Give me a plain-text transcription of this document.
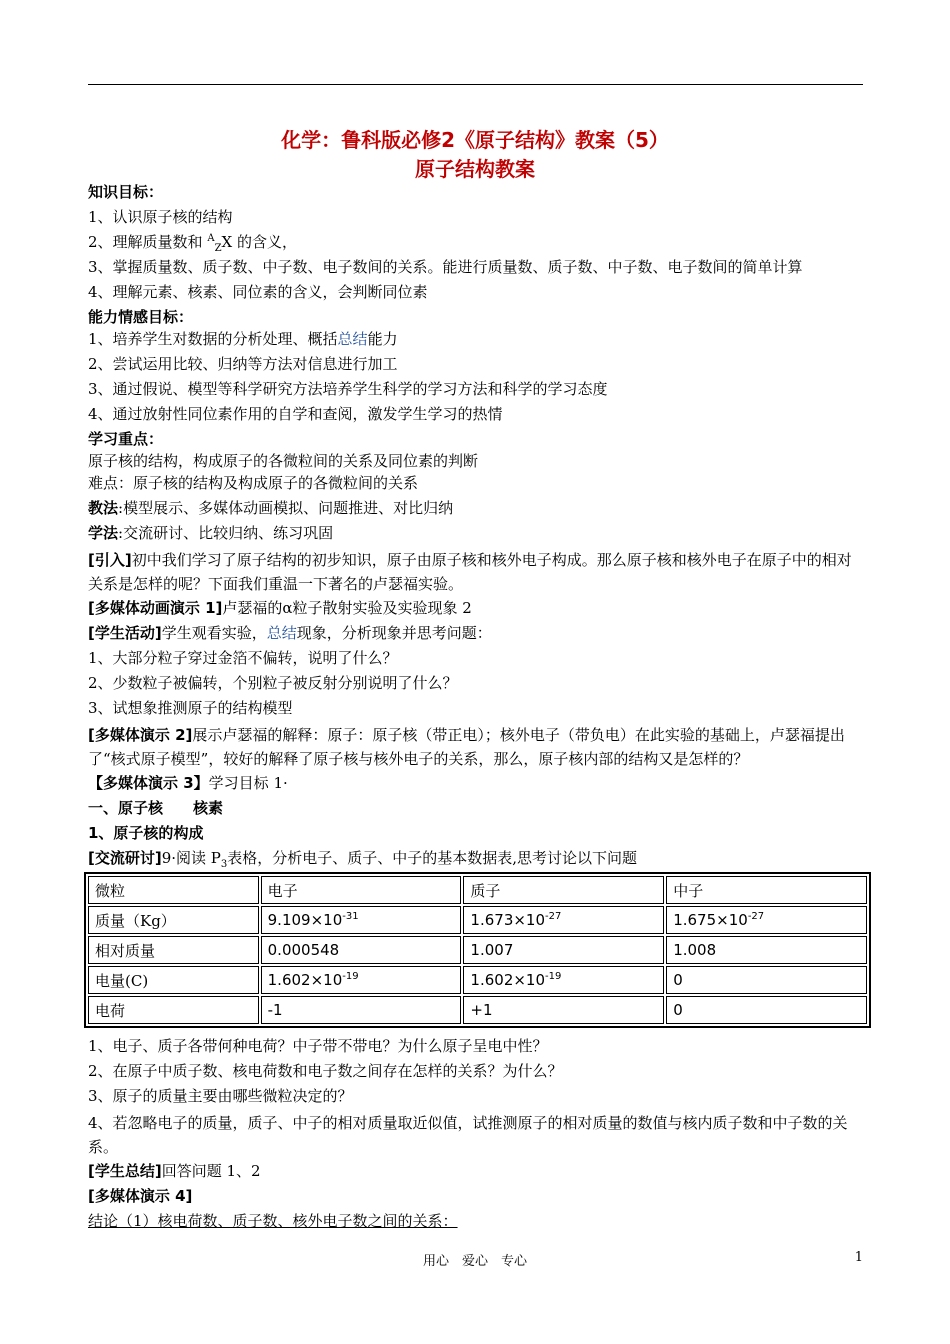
化学：鲁科版必修2《原子结构》教案（5）
原子结构教案
知识目标：
1、认识原子核的结构
2、理解质量数和 $^A_Z$X 的含义，
3、掌握质量数、质子数、中子数、电子数间的关系。能进行质量数、质子数、中子数、电子数间的简单计算
4、理解元素、核素、同位素的含义，会判断同位素
能力情感目标：
1、培养学生对数据的分析处理、概括总结能力
2、尝试运用比较、归纳等方法对信息进行加工
3、通过假说、模型等科学研究方法培养学生科学的学习方法和科学的学习态度
4、通过放射性同位素作用的自学和查阅，激发学生学习的热情
学习重点：
原子核的结构，构成原子的各微粒间的关系及同位素的判断
难点：原子核的结构及构成原子的各微粒间的关系
教法:模型展示、多媒体动画模拟、问题推进、对比归纳
学法:交流研讨、比较归纳、练习巩固
[引入]初中我们学习了原子结构的初步知识，原子由原子核和核外电子构成。那么原子核和核外电子在原子中的相对关系是怎样的呢？下面我们重温一下著名的卢瑟福实验。
[多媒体动画演示 1]卢瑟福的α粒子散射实验及实验现象 2
[学生活动]学生观看实验，总结现象，分析现象并思考问题：
1、大部分粒子穿过金箔不偏转，说明了什么？
2、少数粒子被偏转，个别粒子被反射分别说明了什么？
3、试想象推测原子的结构模型
[多媒体演示 2]展示卢瑟福的解释：原子：原子核（带正电）；核外电子（带负电）在此实验的基础上，卢瑟福提出了“核式原子模型”，较好的解释了原子核与核外电子的关系，那么，原子核内部的结构又是怎样的？
【多媒体演示 3】学习目标 1·
一、原子核　　核素
1、原子核的构成
[交流研讨]9·阅读 $P_3$表格，分析电子、质子、中子的基本数据表,思考讨论以下问题
微粒	电子	质子	中子
质量（Kg）	$9.109\times 10^{-31}$	$1.673\times 10^{-27}$	$1.675\times 10^{-27}$
相对质量	0.000548	1.007	1.008
电量(C)	$1.602\times 10^{-19}$	$1.602\times 10^{-19}$	0
电荷	-1	+1	0
1、电子、质子各带何种电荷？中子带不带电？为什么原子呈电中性？
2、在原子中质子数、核电荷数和电子数之间存在怎样的关系？为什么？
3、原子的质量主要由哪些微粒决定的？
4、若忽略电子的质量，质子、中子的相对质量取近似值，试推测原子的相对质量的数值与核内质子数和中子数的关系。
[学生总结]回答问题 1、2
[多媒体演示 4]
结论（1）核电荷数、质子数、核外电子数之间的关系：
用心　爱心　专心	1
